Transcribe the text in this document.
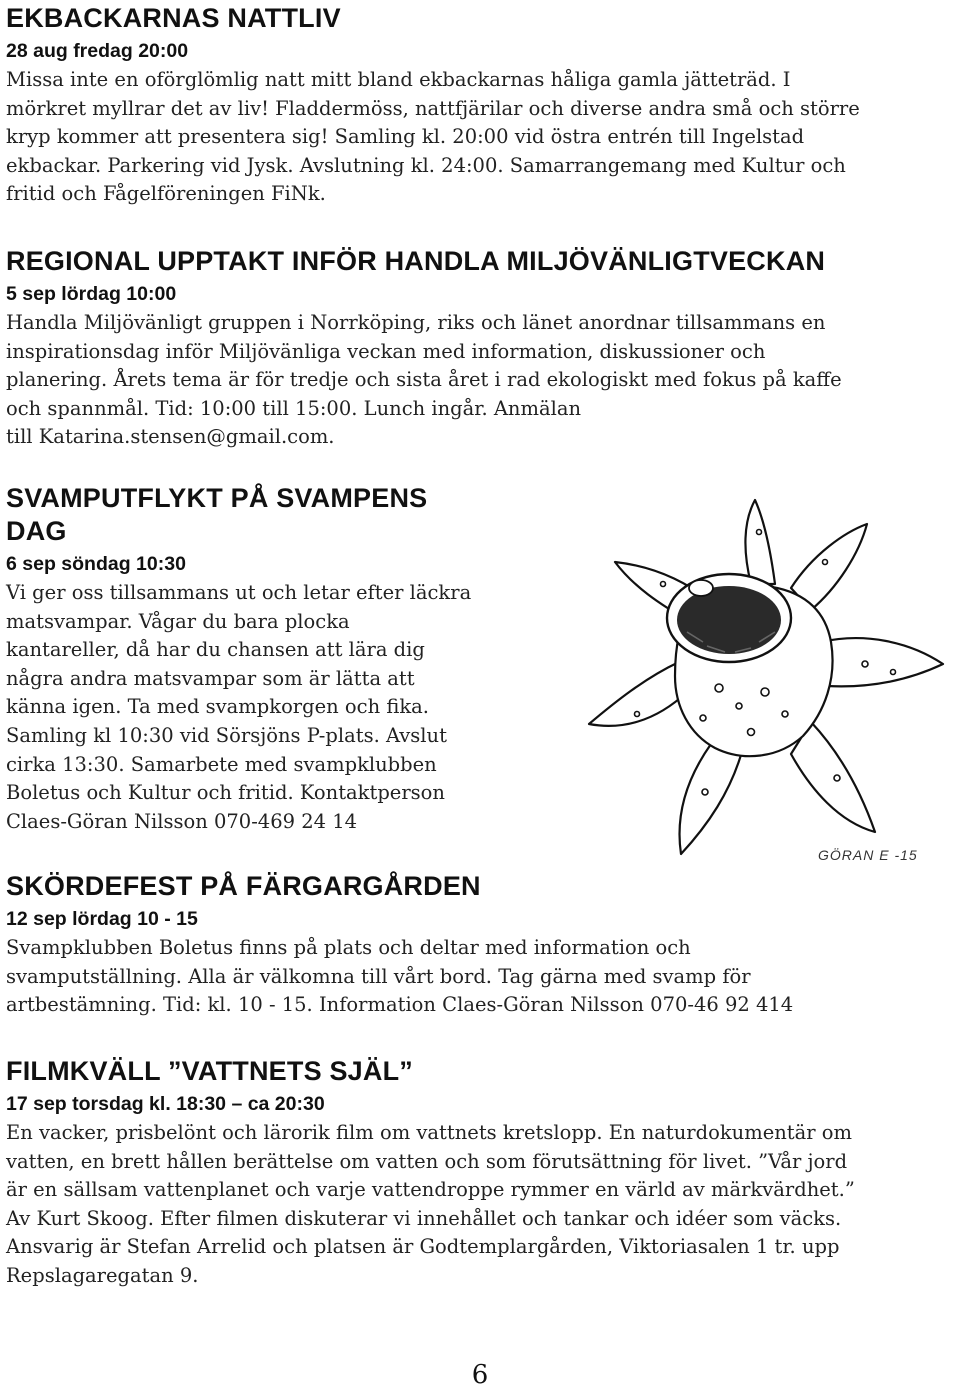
EKBACKARNAS NATTLIV
28 aug fredag 20:00
Missa inte en oförglömlig natt mitt bland ekbackarnas håliga gamla jätteträd. I
mörkret myllrar det av liv! Fladdermöss, nattfjärilar och diverse andra små och större
kryp kommer att presentera sig! Samling kl. 20:00 vid östra entrén till Ingelstad
ekbackar. Parkering vid Jysk. Avslutning kl. 24:00. Samarrangemang med Kultur och
fritid och Fågelföreningen FiNk.
REGIONAL UPPTAKT INFÖR HANDLA MILJÖVÄNLIGTVECKAN
5 sep lördag 10:00
Handla Miljövänligt gruppen i Norrköping, riks och länet anordnar tillsammans en
inspirationsdag inför Miljövänliga veckan med information, diskussioner och
planering. Årets tema är för tredje och sista året i rad ekologiskt med fokus på kaffe
och spannmål. Tid: 10:00 till 15:00. Lunch ingår. Anmälan
till Katarina.stensen@gmail.com.
SVAMPUTFLYKT PÅ SVAMPENS
DAG
6 sep söndag 10:30
Vi ger oss tillsammans ut och letar efter läckra
matsvampar. Vågar du bara plocka
kantareller, då har du chansen att lära dig
några andra matsvampar som är lätta att
känna igen. Ta med svampkorgen och fika.
Samling kl 10:30 vid Sörsjöns P-plats. Avslut
cirka 13:30. Samarbete med svampklubben
Boletus och Kultur och fritid. Kontaktperson
Claes-Göran Nilsson 070-469 24 14
GÖRAN E -15
SKÖRDEFEST PÅ FÄRGARGÅRDEN
12 sep lördag 10 - 15
Svampklubben Boletus finns på plats och deltar med information och
svamputställning. Alla är välkomna till vårt bord. Tag gärna med svamp för
artbestämning. Tid: kl. 10 - 15. Information Claes-Göran Nilsson 070-46 92 414
FILMKVÄLL ”VATTNETS SJÄL”
17 sep torsdag kl. 18:30 – ca 20:30
En vacker, prisbelönt och lärorik film om vattnets kretslopp. En naturdokumentär om
vatten, en brett hållen berättelse om vatten och som förutsättning för livet. ”Vår jord
är en sällsam vattenplanet och varje vattendroppe rymmer en värld av märkvärdhet.”
Av Kurt Skoog. Efter filmen diskuterar vi innehållet och tankar och idéer som väcks.
Ansvarig är Stefan Arrelid och platsen är Godtemplargården, Viktoriasalen 1 tr. upp
Repslagaregatan 9.
6
